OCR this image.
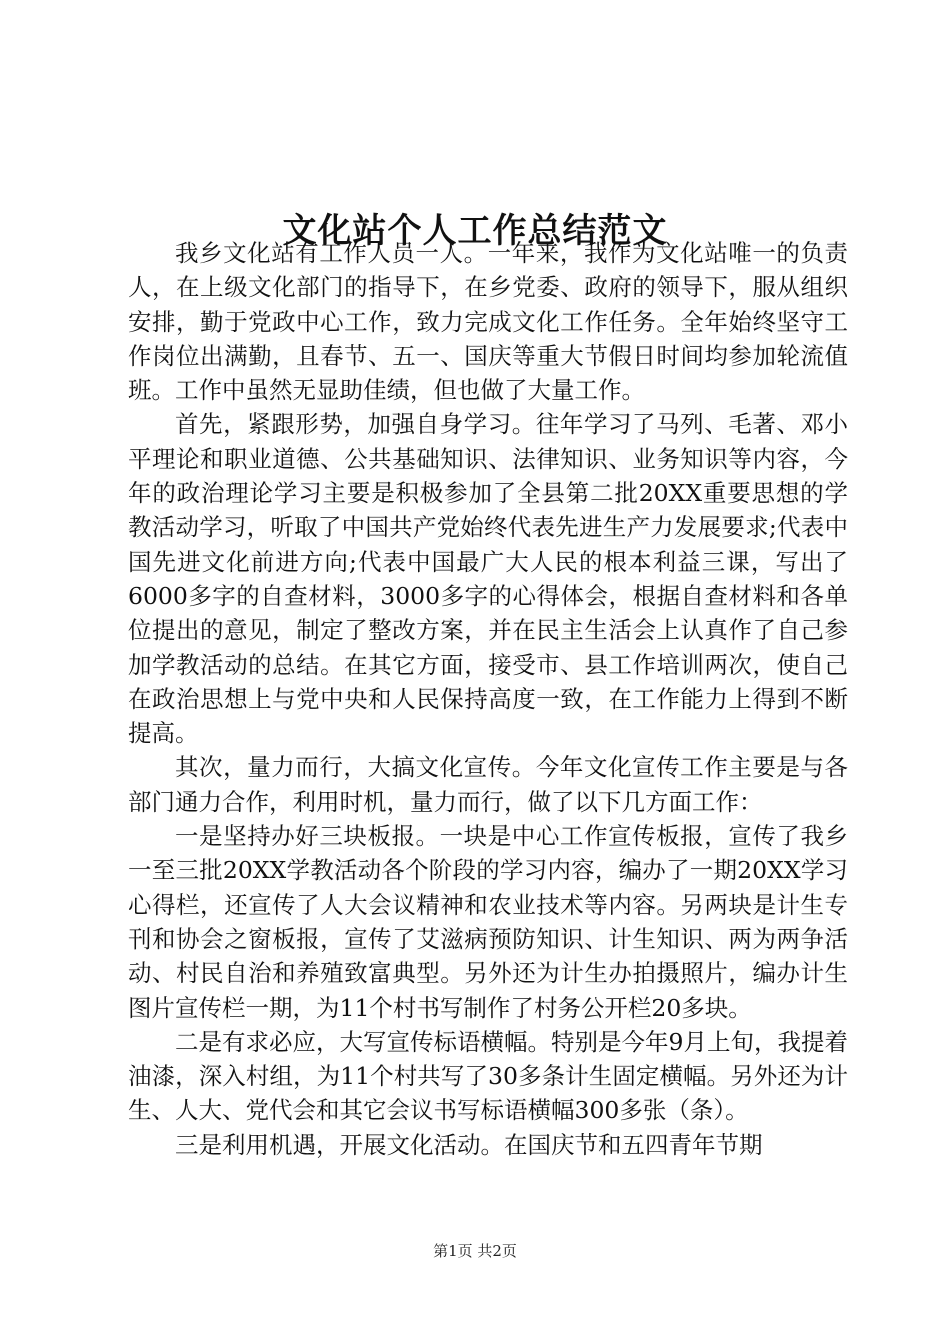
文化站个人工作总结范文

我乡文化站有工作人员一人。一年来，我作为文化站唯一的负责人，在上级文化部门的指导下，在乡党委、政府的领导下，服从组织安排，勤于党政中心工作，致力完成文化工作任务。全年始终坚守工作岗位出满勤，且春节、五一、国庆等重大节假日时间均参加轮流值班。工作中虽然无显助佳绩，但也做了大量工作。

首先，紧跟形势，加强自身学习。往年学习了马列、毛著、邓小平理论和职业道德、公共基础知识、法律知识、业务知识等内容，今年的政治理论学习主要是积极参加了全县第二批20XX重要思想的学教活动学习，听取了中国共产党始终代表先进生产力发展要求;代表中国先进文化前进方向;代表中国最广大人民的根本利益三课，写出了6000多字的自查材料，3000多字的心得体会，根据自查材料和各单位提出的意见，制定了整改方案，并在民主生活会上认真作了自己参加学教活动的总结。在其它方面，接受市、县工作培训两次，使自己在政治思想上与党中央和人民保持高度一致，在工作能力上得到不断提高。

其次，量力而行，大搞文化宣传。今年文化宣传工作主要是与各部门通力合作，利用时机，量力而行，做了以下几方面工作：

一是坚持办好三块板报。一块是中心工作宣传板报，宣传了我乡一至三批20XX学教活动各个阶段的学习内容，编办了一期20XX学习心得栏，还宣传了人大会议精神和农业技术等内容。另两块是计生专刊和协会之窗板报，宣传了艾滋病预防知识、计生知识、两为两争活动、村民自治和养殖致富典型。另外还为计生办拍摄照片，编办计生图片宣传栏一期，为11个村书写制作了村务公开栏20多块。

二是有求必应，大写宣传标语横幅。特别是今年9月上旬，我提着油漆，深入村组，为11个村共写了30多条计生固定横幅。另外还为计生、人大、党代会和其它会议书写标语横幅300多张（条）。

三是利用机遇，开展文化活动。在国庆节和五四青年节期

第1页 共2页
